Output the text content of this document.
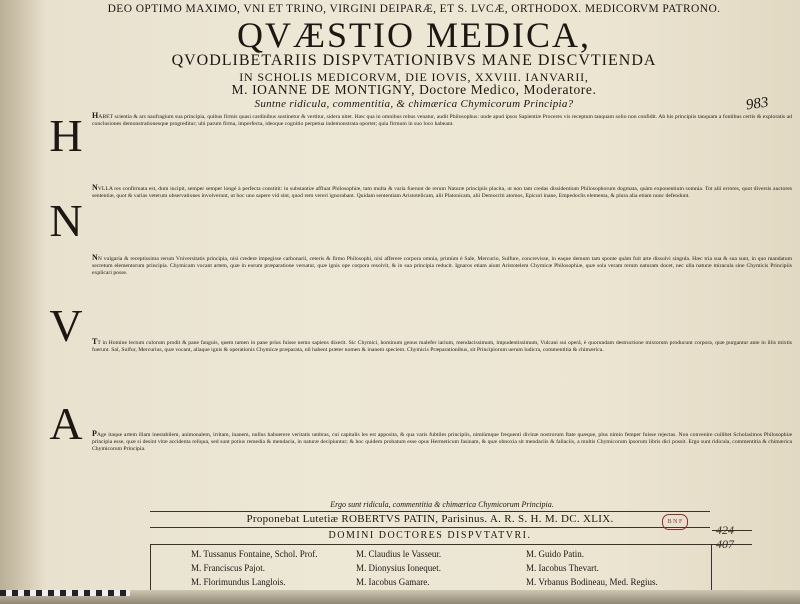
DEO OPTIMO MAXIMO, VNI ET TRINO, VIRGINI DEIPARÆ, ET S. LVCÆ, ORTHODOX. MEDICORVM PATRONO.
QVÆSTIO MEDICA,
QVODLIBETARIIS DISPVTATIONIBVS MANE DISCVTIENDA
IN SCHOLIS MEDICORVM, DIE IOVIS, XXVIII. IANVARII,
M. IOANNE DE MONTIGNY, Doctore Medico, Moderatore.
Suntne ridicula, commentitia, & chimærica Chymicorum Principia?	983
H
N
V
A
HABET scientia & ars naufragium sua principia, quibus firmis quasi cardinibus sustinetur & vertitur, sidera nitet. Hæc qua in omnibus rebus venatur, audit Philosophus: unde apud ipsos Sapientiæ Proceres vis receptum tanquam solio non confidit. Ab his principiis tanquam a fontibus certis & exploratis ad conclusiones demonstrationesque progreditur; ubi parum firma, imperfecta, ideoque cognitio perpetua indemonstrata oportet; quia firmum in suo loco habeant.
NVLLA res confirmata est, dum incipit, semper semper longè à perfecta constitit: in substantiæ affluat Philosophiæ, tam multa & varia fuerunt de rerum Naturæ principiis placita, ut non tam credas dissidentium Philosophorum dogmata, quàm exponentium somnia. Tot alii errores, quot diversis auctores sententiæ, quot & varias veterum observationes involverunt, ut hoc uno sapere vid sint, quod rem vereri ignorabant. Quidam sententiam Aristotelicam, alii Platonicam, alii Democriti atomos, Epicuri inane, Empedoclis elementa, & plura alia etiam nunc defendunt.
NN vulgaria & receptissima rerum Vniversitatis principia, nisi credere impegisse carbonarii, ceteris & firmo Philosophi, nisi afferere corpora omnia, primùm è Sale, Mercurio, Sulfure, concrevisse, in eaque demum tam sponte quàm fuit arte dissolvi singula. Hæc tria sua & sua sunt, in quo mandatum secretum elementorum principia. Chymicam vocant artem, quæ in eorum præparatione versatur, quæ ignis ope corpora resolvit, & in sua principia reducit. Ignaros etiam aiunt Aristotelem Chymicæ Philosophiæ, quæ sola veram rerum naturam docet, nec ulla naturæ miracula sine Chymicis Principiis explicari posse.
TT in Homine lectum culorum prodit & pane fanguis, quem tamen in pane prius fuisse nemo sapiens dixerit. Sic Chymici, hominum genus malefer iarium, mendacissimum, impudentissimum, Vulcani sui operâ, è quorundam destructione mixtorum producunt corpora, quæ purgantur ante in illis mixtis fuerunt. Sal, Sulfur, Mercurius, quæ vocant, aliaque ignis & operationis Chymicæ præparata, nil habent præter nomen & inanem speciem. Chymicis Præparationibus, sit Principiorum uerum ludicra, commentitia & chimærica.
PAge itaque artem illam inestabilem, animonalem, irritam, inanem, nullus habuerere veritatis umbras, cui capitalis les est apposita, & qua varis fubtiles principiis, nimiùmque frequenti divinæ nostrorum ftate quæque, plus nimio femper fuisse rejectas. Non convenire cuilibet Scholasimos Philosophiæ principia esse, quæ si desint vitæ accidenta reliqua, sed sunt potius remedia & mendacia, in naturæ decipiuntur; & hoc quidem probatum esse opus Hermeticum fasinam, & quæ obnoxia sit mendaciis & fallaciis, a multis Chymicorum ipsorum libris dici possit. Ergo sunt ridicula, commentitia & chimærica Chymicorum Principia.
Ergo sunt ridicula, commentitia & chimærica Chymicorum Principia.
Proponebat Lutetiæ ROBERTVS PATIN, Parisinus. A. R. S. H. M. DC. XLIX.
DOMINI DOCTORES DISPVTATVRI.
M. Tussanus Fontaine, Schol. Prof.
M. Franciscus Pajot.
M. Florimundus Langlois.
M. Claudius le Vasseur.
M. Dionysius Ionequet.
M. Iacobus Gamare.
M. Guido Patin.
M. Iacobus Thevart.
M. Vrbanus Bodineau, Med. Regius.
B N F
424
407
